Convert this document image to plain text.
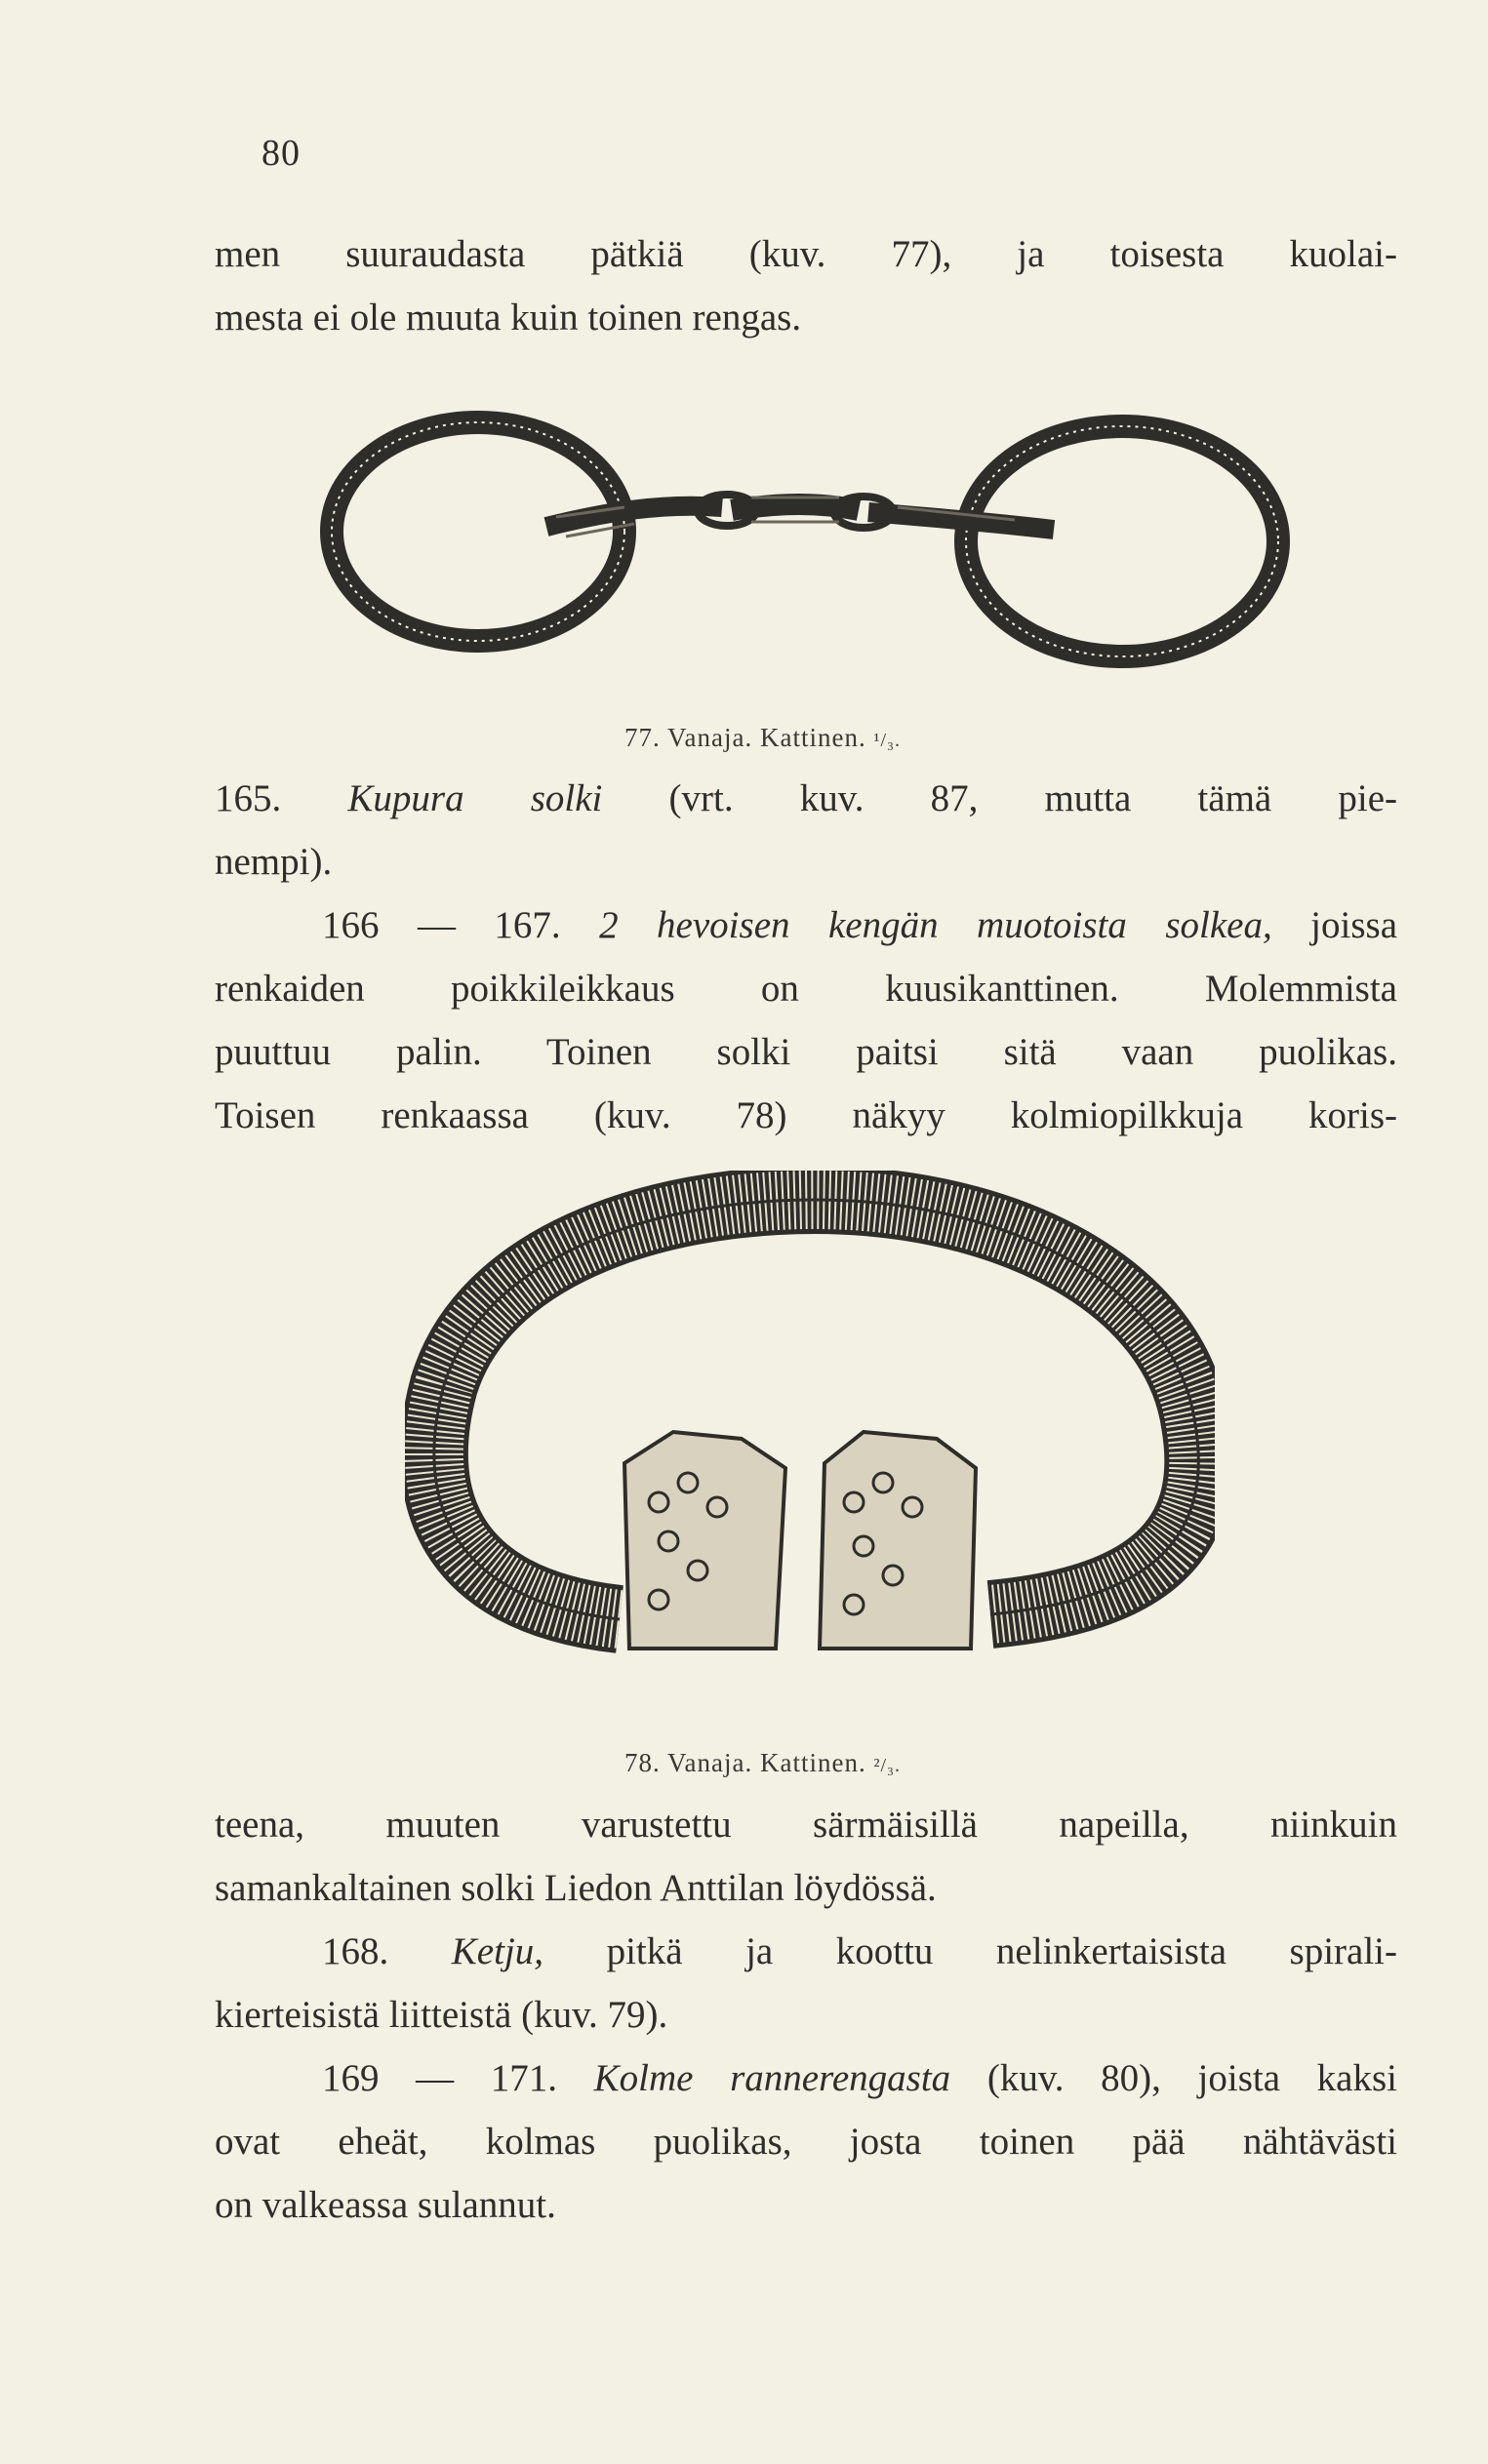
80
men suuraudasta pätkiä (kuv. 77), ja toisesta kuolai-
mesta ei ole muuta kuin toinen rengas.
77. Vanaja. Kattinen. ¹/₃.
165. Kupura solki (vrt. kuv. 87, mutta tämä pie-
nempi).
166 — 167. 2 hevoisen kengän muotoista solkea, joissa
renkaiden poikkileikkaus on kuusikanttinen. Molemmista
puuttuu palin. Toinen solki paitsi sitä vaan puolikas.
Toisen renkaassa (kuv. 78) näkyy kolmiopilkkuja koris-
78. Vanaja. Kattinen. ²/₃.
teena, muuten varustettu särmäisillä napeilla, niinkuin
samankaltainen solki Liedon Anttilan löydössä.
168. Ketju, pitkä ja koottu nelinkertaisista spirali-
kierteisistä liitteistä (kuv. 79).
169 — 171. Kolme rannerengasta (kuv. 80), joista kaksi
ovat eheät, kolmas puolikas, josta toinen pää nähtävästi
on valkeassa sulannut.
